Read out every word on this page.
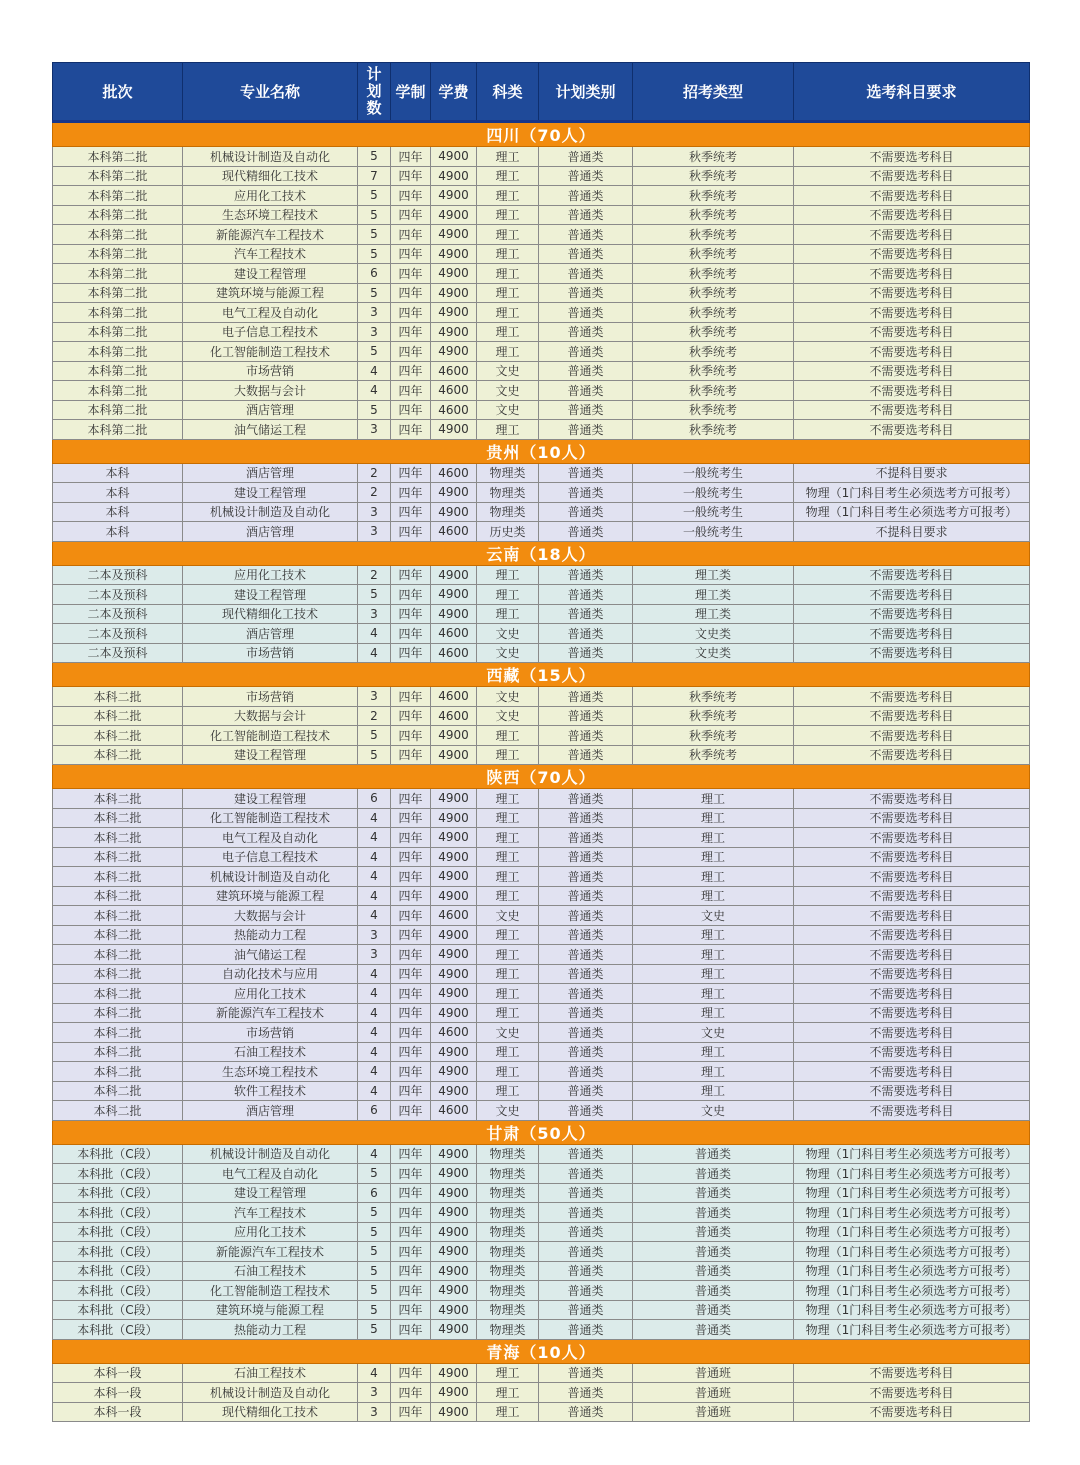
批次	专业名称	计
划
数	学制	学费	科类	计划类别	招考类型	选考科目要求
四川（70人）								
本科第二批	机械设计制造及自动化	5	四年	4900	理工	普通类	秋季统考	不需要选考科目
本科第二批	现代精细化工技术	7	四年	4900	理工	普通类	秋季统考	不需要选考科目
本科第二批	应用化工技术	5	四年	4900	理工	普通类	秋季统考	不需要选考科目
本科第二批	生态环境工程技术	5	四年	4900	理工	普通类	秋季统考	不需要选考科目
本科第二批	新能源汽车工程技术	5	四年	4900	理工	普通类	秋季统考	不需要选考科目
本科第二批	汽车工程技术	5	四年	4900	理工	普通类	秋季统考	不需要选考科目
本科第二批	建设工程管理	6	四年	4900	理工	普通类	秋季统考	不需要选考科目
本科第二批	建筑环境与能源工程	5	四年	4900	理工	普通类	秋季统考	不需要选考科目
本科第二批	电气工程及自动化	3	四年	4900	理工	普通类	秋季统考	不需要选考科目
本科第二批	电子信息工程技术	3	四年	4900	理工	普通类	秋季统考	不需要选考科目
本科第二批	化工智能制造工程技术	5	四年	4900	理工	普通类	秋季统考	不需要选考科目
本科第二批	市场营销	4	四年	4600	文史	普通类	秋季统考	不需要选考科目
本科第二批	大数据与会计	4	四年	4600	文史	普通类	秋季统考	不需要选考科目
本科第二批	酒店管理	5	四年	4600	文史	普通类	秋季统考	不需要选考科目
本科第二批	油气储运工程	3	四年	4900	理工	普通类	秋季统考	不需要选考科目
贵州（10人）								
本科	酒店管理	2	四年	4600	物理类	普通类	一般统考生	不提科目要求
本科	建设工程管理	2	四年	4900	物理类	普通类	一般统考生	物理（1门科目考生必须选考方可报考）
本科	机械设计制造及自动化	3	四年	4900	物理类	普通类	一般统考生	物理（1门科目考生必须选考方可报考）
本科	酒店管理	3	四年	4600	历史类	普通类	一般统考生	不提科目要求
云南（18人）								
二本及预科	应用化工技术	2	四年	4900	理工	普通类	理工类	不需要选考科目
二本及预科	建设工程管理	5	四年	4900	理工	普通类	理工类	不需要选考科目
二本及预科	现代精细化工技术	3	四年	4900	理工	普通类	理工类	不需要选考科目
二本及预科	酒店管理	4	四年	4600	文史	普通类	文史类	不需要选考科目
二本及预科	市场营销	4	四年	4600	文史	普通类	文史类	不需要选考科目
西藏（15人）								
本科二批	市场营销	3	四年	4600	文史	普通类	秋季统考	不需要选考科目
本科二批	大数据与会计	2	四年	4600	文史	普通类	秋季统考	不需要选考科目
本科二批	化工智能制造工程技术	5	四年	4900	理工	普通类	秋季统考	不需要选考科目
本科二批	建设工程管理	5	四年	4900	理工	普通类	秋季统考	不需要选考科目
陕西（70人）								
本科二批	建设工程管理	6	四年	4900	理工	普通类	理工	不需要选考科目
本科二批	化工智能制造工程技术	4	四年	4900	理工	普通类	理工	不需要选考科目
本科二批	电气工程及自动化	4	四年	4900	理工	普通类	理工	不需要选考科目
本科二批	电子信息工程技术	4	四年	4900	理工	普通类	理工	不需要选考科目
本科二批	机械设计制造及自动化	4	四年	4900	理工	普通类	理工	不需要选考科目
本科二批	建筑环境与能源工程	4	四年	4900	理工	普通类	理工	不需要选考科目
本科二批	大数据与会计	4	四年	4600	文史	普通类	文史	不需要选考科目
本科二批	热能动力工程	3	四年	4900	理工	普通类	理工	不需要选考科目
本科二批	油气储运工程	3	四年	4900	理工	普通类	理工	不需要选考科目
本科二批	自动化技术与应用	4	四年	4900	理工	普通类	理工	不需要选考科目
本科二批	应用化工技术	4	四年	4900	理工	普通类	理工	不需要选考科目
本科二批	新能源汽车工程技术	4	四年	4900	理工	普通类	理工	不需要选考科目
本科二批	市场营销	4	四年	4600	文史	普通类	文史	不需要选考科目
本科二批	石油工程技术	4	四年	4900	理工	普通类	理工	不需要选考科目
本科二批	生态环境工程技术	4	四年	4900	理工	普通类	理工	不需要选考科目
本科二批	软件工程技术	4	四年	4900	理工	普通类	理工	不需要选考科目
本科二批	酒店管理	6	四年	4600	文史	普通类	文史	不需要选考科目
甘肃（50人）								
本科批（C段）	机械设计制造及自动化	4	四年	4900	物理类	普通类	普通类	物理（1门科目考生必须选考方可报考）
本科批（C段）	电气工程及自动化	5	四年	4900	物理类	普通类	普通类	物理（1门科目考生必须选考方可报考）
本科批（C段）	建设工程管理	6	四年	4900	物理类	普通类	普通类	物理（1门科目考生必须选考方可报考）
本科批（C段）	汽车工程技术	5	四年	4900	物理类	普通类	普通类	物理（1门科目考生必须选考方可报考）
本科批（C段）	应用化工技术	5	四年	4900	物理类	普通类	普通类	物理（1门科目考生必须选考方可报考）
本科批（C段）	新能源汽车工程技术	5	四年	4900	物理类	普通类	普通类	物理（1门科目考生必须选考方可报考）
本科批（C段）	石油工程技术	5	四年	4900	物理类	普通类	普通类	物理（1门科目考生必须选考方可报考）
本科批（C段）	化工智能制造工程技术	5	四年	4900	物理类	普通类	普通类	物理（1门科目考生必须选考方可报考）
本科批（C段）	建筑环境与能源工程	5	四年	4900	物理类	普通类	普通类	物理（1门科目考生必须选考方可报考）
本科批（C段）	热能动力工程	5	四年	4900	物理类	普通类	普通类	物理（1门科目考生必须选考方可报考）
青海（10人）								
本科一段	石油工程技术	4	四年	4900	理工	普通类	普通班	不需要选考科目
本科一段	机械设计制造及自动化	3	四年	4900	理工	普通类	普通班	不需要选考科目
本科一段	现代精细化工技术	3	四年	4900	理工	普通类	普通班	不需要选考科目
